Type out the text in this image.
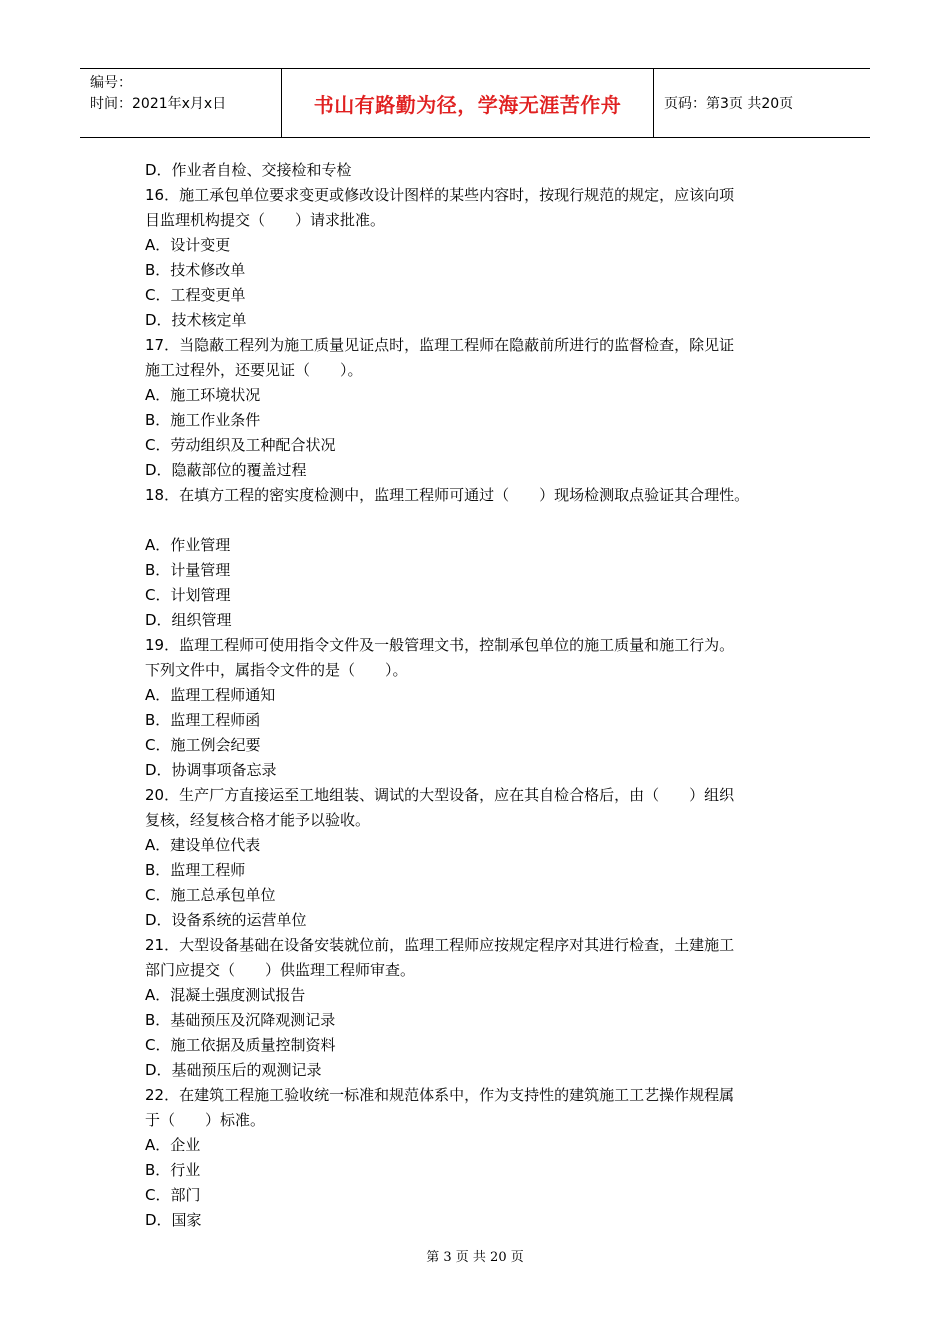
编号：
时间：2021年x月x日	书山有路勤为径，学海无涯苦作舟	页码：第3页 共20页
D．作业者自检、交接检和专检
16．施工承包单位要求变更或修改设计图样的某些内容时，按现行规范的规定，应该向项
目监理机构提交（　　）请求批准。
A．设计变更
B．技术修改单
C．工程变更单
D．技术核定单
17．当隐蔽工程列为施工质量见证点时，监理工程师在隐蔽前所进行的监督检查，除见证
施工过程外，还要见证（　　）。
A．施工环境状况
B．施工作业条件
C．劳动组织及工种配合状况
D．隐蔽部位的覆盖过程
18．在填方工程的密实度检测中，监理工程师可通过（　　）现场检测取点验证其合理性。
A．作业管理
B．计量管理
C．计划管理
D．组织管理
19．监理工程师可使用指令文件及一般管理文书，控制承包单位的施工质量和施工行为。
下列文件中，属指令文件的是（　　）。
A．监理工程师通知
B．监理工程师函
C．施工例会纪要
D．协调事项备忘录
20．生产厂方直接运至工地组装、调试的大型设备，应在其自检合格后，由（　　）组织
复核，经复核合格才能予以验收。
A．建设单位代表
B．监理工程师
C．施工总承包单位
D．设备系统的运营单位
21．大型设备基础在设备安装就位前，监理工程师应按规定程序对其进行检查，土建施工
部门应提交（　　）供监理工程师审查。
A．混凝土强度测试报告
B．基础预压及沉降观测记录
C．施工依据及质量控制资料
D．基础预压后的观测记录
22．在建筑工程施工验收统一标准和规范体系中，作为支持性的建筑施工工艺操作规程属
于（　　）标准。
A．企业
B．行业
C．部门
D．国家
第 3 页 共 20 页
